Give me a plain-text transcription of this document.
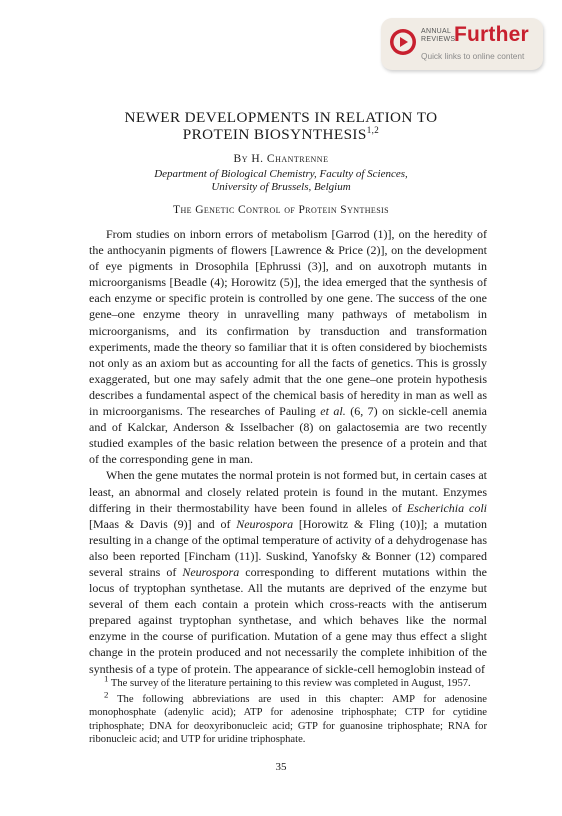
ANNUAL
REVIEWS
Further
Quick links to online content
NEWER DEVELOPMENTS IN RELATION TO
PROTEIN BIOSYNTHESIS$^{1,2}$
By H. Chantrenne
Department of Biological Chemistry, Faculty of Sciences,
University of Brussels, Belgium
The Genetic Control of Protein Synthesis

From studies on inborn errors of metabolism [Garrod (1)], on the heredity of the anthocyanin pigments of flowers [Lawrence & Price (2)], on the development of eye pigments in Drosophila [Ephrussi (3)], and on auxotroph mutants in microorganisms [Beadle (4); Horowitz (5)], the idea emerged that the synthesis of each enzyme or specific protein is controlled by one gene. The success of the one gene–one enzyme theory in unravelling many pathways of metabolism in microorganisms, and its confirmation by transduction and transformation experiments, made the theory so familiar that it is often considered by biochemists not only as an axiom but as accounting for all the facts of genetics. This is grossly exaggerated, but one may safely admit that the one gene–one protein hypothesis describes a fundamental aspect of the chemical basis of heredity in man as well as in microorganisms. The researches of Pauling et al. (6, 7) on sickle-cell anemia and of Kalckar, Anderson & Isselbacher (8) on galactosemia are two recently studied examples of the basic relation between the presence of a protein and that of the corresponding gene in man.

When the gene mutates the normal protein is not formed but, in certain cases at least, an abnormal and closely related protein is found in the mutant. Enzymes differing in their thermostability have been found in alleles of Escherichia coli [Maas & Davis (9)] and of Neurospora [Horowitz & Fling (10)]; a mutation resulting in a change of the optimal temperature of activity of a dehydrogenase has also been reported [Fincham (11)]. Suskind, Yanofsky & Bonner (12) compared several strains of Neurospora corresponding to different mutations within the locus of tryptophan synthetase. All the mutants are deprived of the enzyme but several of them each contain a protein which cross-reacts with the antiserum prepared against tryptophan synthetase, and which behaves like the normal enzyme in the course of purification. Mutation of a gene may thus effect a slight change in the protein produced and not necessarily the complete inhibition of the synthesis of a type of protein. The appearance of sickle-cell hemoglobin instead of

$^1$ The survey of the literature pertaining to this review was completed in August, 1957.

$^2$ The following abbreviations are used in this chapter: AMP for adenosine monophosphate (adenylic acid); ATP for adenosine triphosphate; CTP for cytidine triphosphate; DNA for deoxyribonucleic acid; GTP for guanosine triphosphate; RNA for ribonucleic acid; and UTP for uridine triphosphate.

35
